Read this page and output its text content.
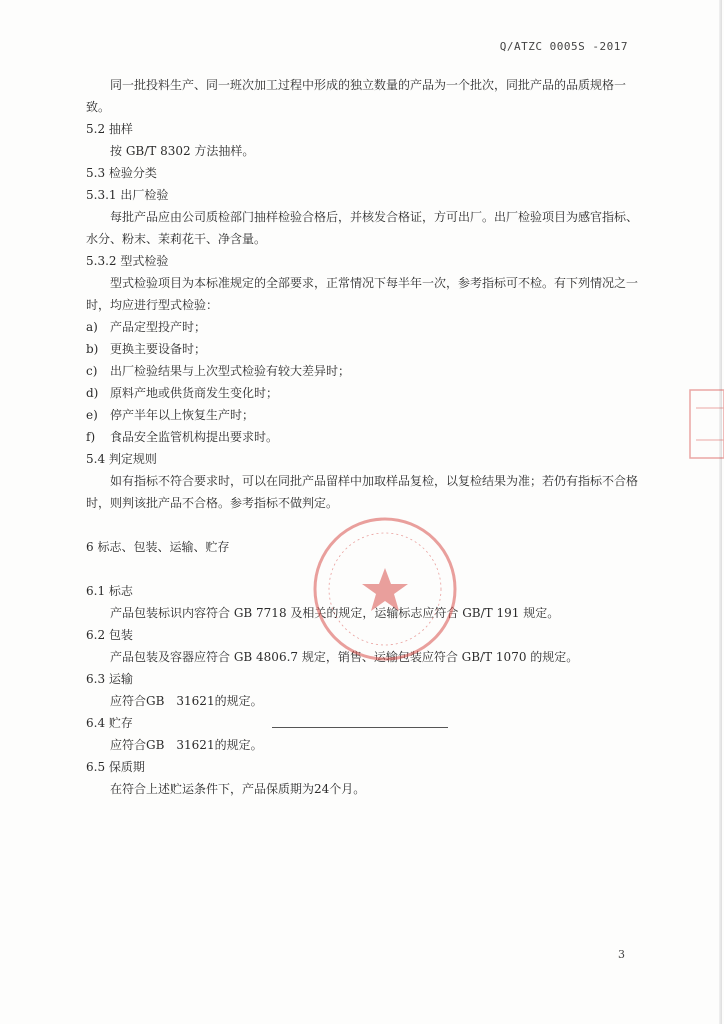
Q/ATZC 0005S -2017

同一批投料生产、同一班次加工过程中形成的独立数量的产品为一个批次，同批产品的品质规格一致。

5.2 抽样

按 GB/T 8302 方法抽样。

5.3 检验分类

5.3.1 出厂检验

每批产品应由公司质检部门抽样检验合格后，并核发合格证，方可出厂。出厂检验项目为感官指标、水分、粉末、茉莉花干、净含量。

5.3.2 型式检验

型式检验项目为本标准规定的全部要求，正常情况下每半年一次，参考指标可不检。有下列情况之一时，均应进行型式检验：

a)	产品定型投产时；
b) 更换主要设备时；
c)	出厂检验结果与上次型式检验有较大差异时；
d) 原料产地或供货商发生变化时；
e)	停产半年以上恢复生产时；
f)	食品安全监管机构提出要求时。

5.4 判定规则

如有指标不符合要求时，可以在同批产品留样中加取样品复检，以复检结果为准；若仍有指标不合格时，则判该批产品不合格。参考指标不做判定。

6 标志、包装、运输、贮存

6.1 标志

产品包装标识内容符合 GB 7718 及相关的规定，运输标志应符合 GB/T 191 规定。

6.2 包装

产品包装及容器应符合 GB 4806.7 规定，销售、运输包装应符合 GB/T 1070 的规定。

6.3 运输

应符合GB　31621的规定。

6.4 贮存

应符合GB　31621的规定。

6.5 保质期

在符合上述贮运条件下，产品保质期为24个月。

3
